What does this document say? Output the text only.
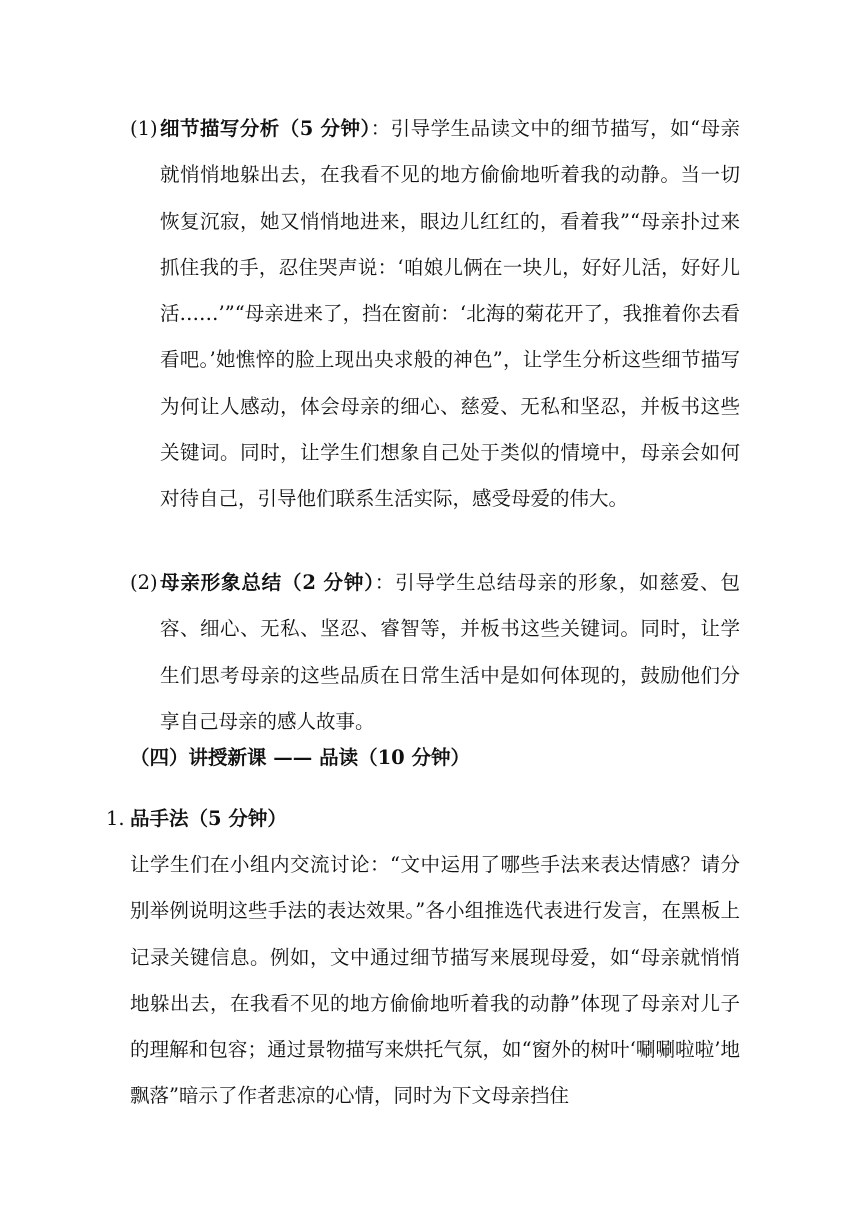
(1) 细节描写分析（5 分钟）：引导学生品读文中的细节描写，如“母亲就悄悄地躲出去，在我看不见的地方偷偷地听着我的动静。当一切恢复沉寂，她又悄悄地进来，眼边儿红红的，看着我”“母亲扑过来抓住我的手，忍住哭声说：‘咱娘儿俩在一块儿，好好儿活，好好儿活……’”“母亲进来了，挡在窗前：‘北海的菊花开了，我推着你去看看吧。’她憔悴的脸上现出央求般的神色”，让学生分析这些细节描写为何让人感动，体会母亲的细心、慈爱、无私和坚忍，并板书这些关键词。同时，让学生们想象自己处于类似的情境中，母亲会如何对待自己，引导他们联系生活实际，感受母爱的伟大。
(2) 母亲形象总结（2 分钟）：引导学生总结母亲的形象，如慈爱、包容、细心、无私、坚忍、睿智等，并板书这些关键词。同时，让学生们思考母亲的这些品质在日常生活中是如何体现的，鼓励他们分享自己母亲的感人故事。
（四）讲授新课 —— 品读（10 分钟）
1. 品手法（5 分钟）
让学生们在小组内交流讨论：“文中运用了哪些手法来表达情感？请分别举例说明这些手法的表达效果。”各小组推选代表进行发言，在黑板上记录关键信息。例如，文中通过细节描写来展现母爱，如“母亲就悄悄地躲出去，在我看不见的地方偷偷地听着我的动静”体现了母亲对儿子的理解和包容；通过景物描写来烘托气氛，如“窗外的树叶‘唰唰啦啦’地飘落”暗示了作者悲凉的心情，同时为下文母亲挡住
